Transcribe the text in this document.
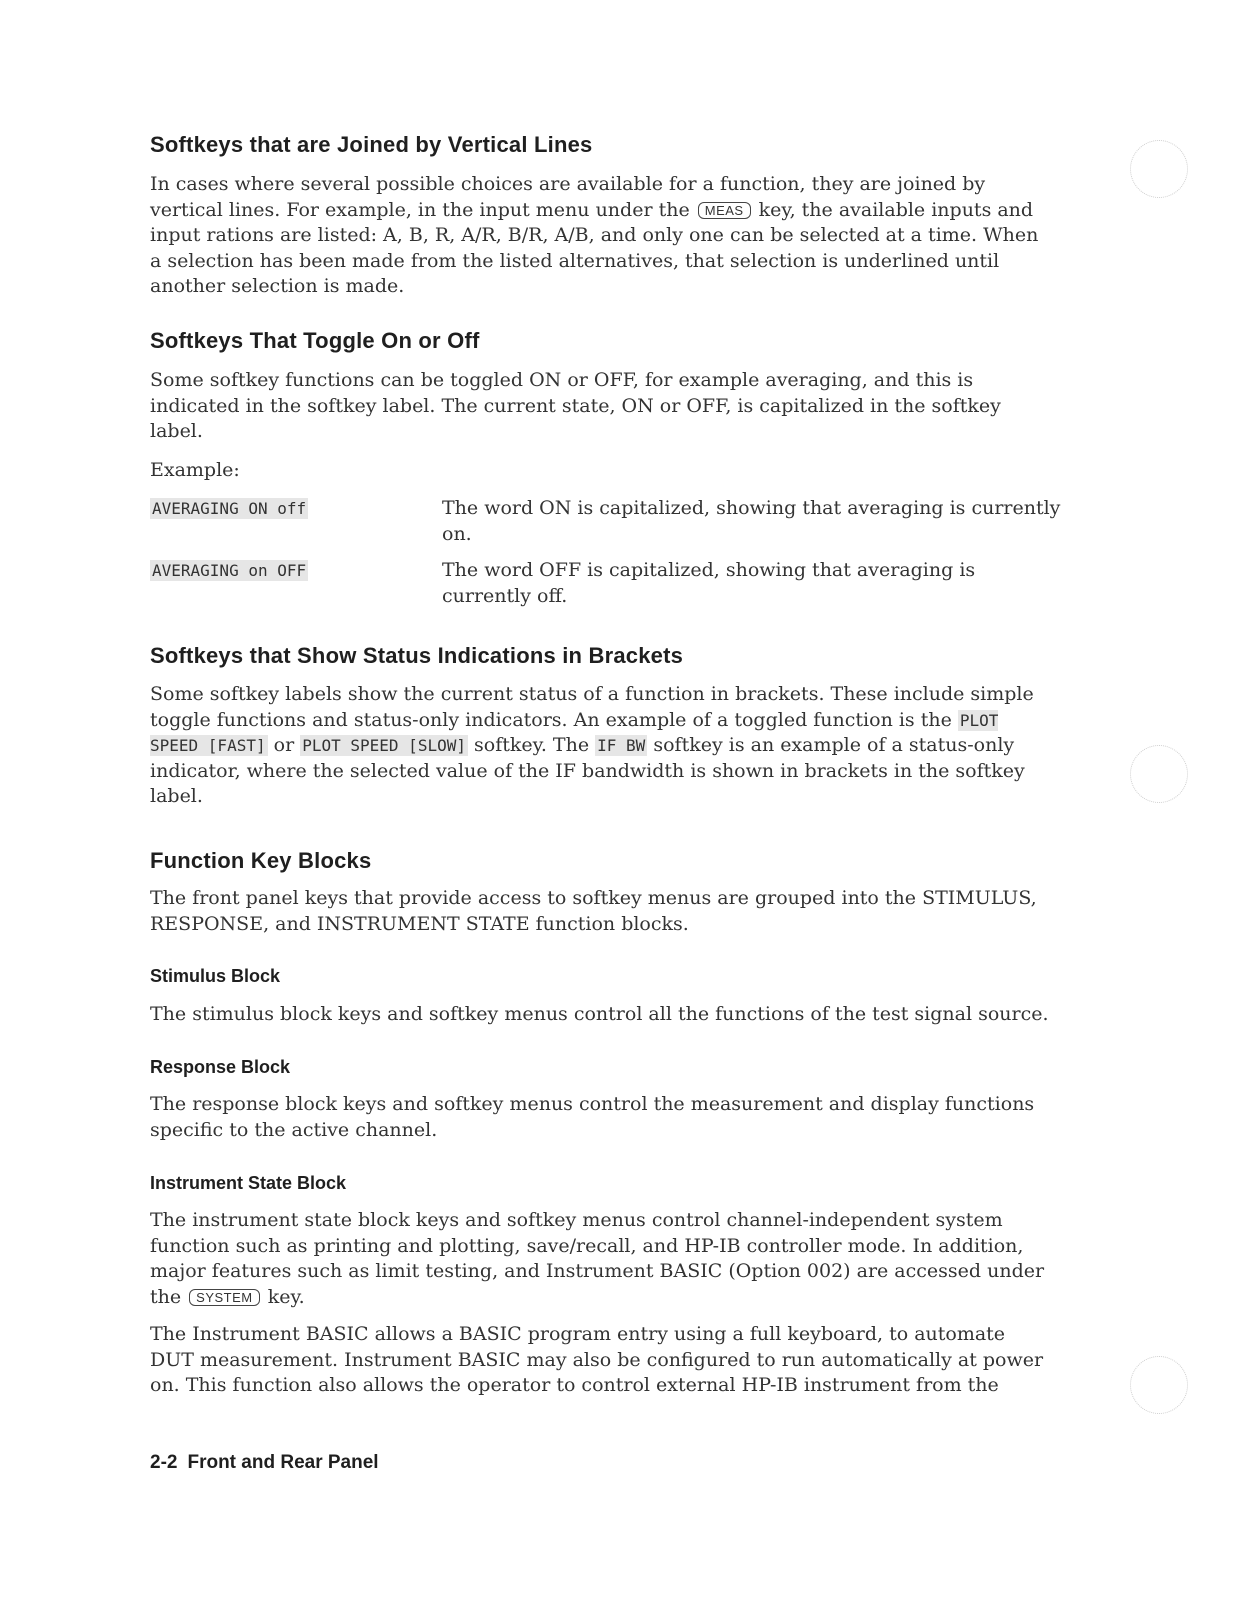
Softkeys that are Joined by Vertical Lines

In cases where several possible choices are available for a function, they are joined by vertical lines. For example, in the input menu under the MEAS key, the available inputs and input rations are listed: A, B, R, A/R, B/R, A/B, and only one can be selected at a time. When a selection has been made from the listed alternatives, that selection is underlined until another selection is made.

Softkeys That Toggle On or Off

Some softkey functions can be toggled ON or OFF, for example averaging, and this is indicated in the softkey label. The current state, ON or OFF, is capitalized in the softkey label.

Example:

AVERAGING ON off	The word ON is capitalized, showing that averaging is currently on.
AVERAGING on OFF	The word OFF is capitalized, showing that averaging is currently off.
Softkeys that Show Status Indications in Brackets

Some softkey labels show the current status of a function in brackets. These include simple toggle functions and status-only indicators. An example of a toggled function is the PLOT SPEED [FAST] or PLOT SPEED [SLOW] softkey. The IF BW softkey is an example of a status-only indicator, where the selected value of the IF bandwidth is shown in brackets in the softkey label.

Function Key Blocks

The front panel keys that provide access to softkey menus are grouped into the STIMULUS, RESPONSE, and INSTRUMENT STATE function blocks.

Stimulus Block

The stimulus block keys and softkey menus control all the functions of the test signal source.

Response Block

The response block keys and softkey menus control the measurement and display functions specific to the active channel.

Instrument State Block

The instrument state block keys and softkey menus control channel-independent system function such as printing and plotting, save/recall, and HP-IB controller mode. In addition, major features such as limit testing, and Instrument BASIC (Option 002) are accessed under the SYSTEM key.

The Instrument BASIC allows a BASIC program entry using a full keyboard, to automate DUT measurement. Instrument BASIC may also be configured to run automatically at power on. This function also allows the operator to control external HP-IB instrument from the

2-2 Front and Rear Panel
